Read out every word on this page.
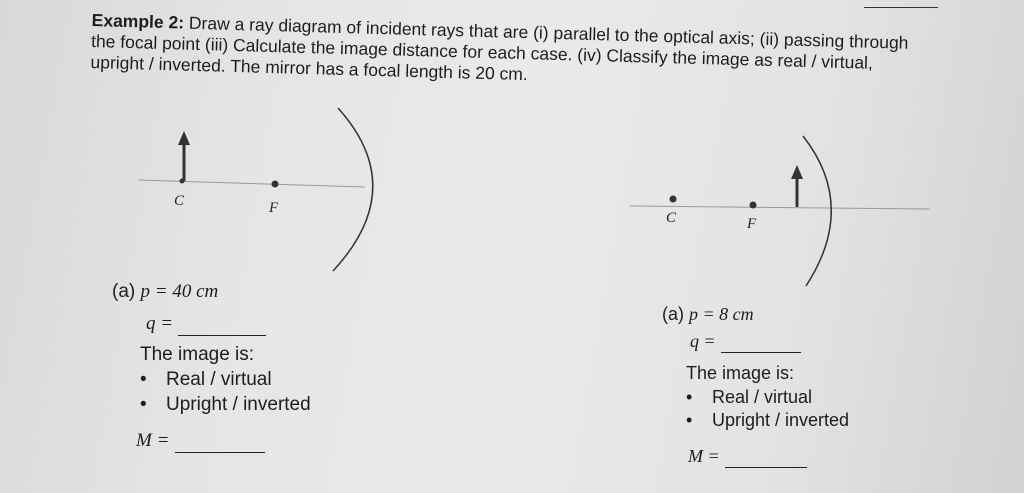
Example 2: Draw a ray diagram of incident rays that are (i) parallel to the optical axis; (ii) passing through the focal point (iii) Calculate the image distance for each case. (iv) Classify the image as real / virtual, upright / inverted. The mirror has a focal length is 20 cm.
C	F
C	F
(a) p = 40 cm
q =
The image is:
• Real / virtual
• Upright / inverted
M =
(a) p = 8 cm
q =
The image is:
• Real / virtual
• Upright / inverted
M =
